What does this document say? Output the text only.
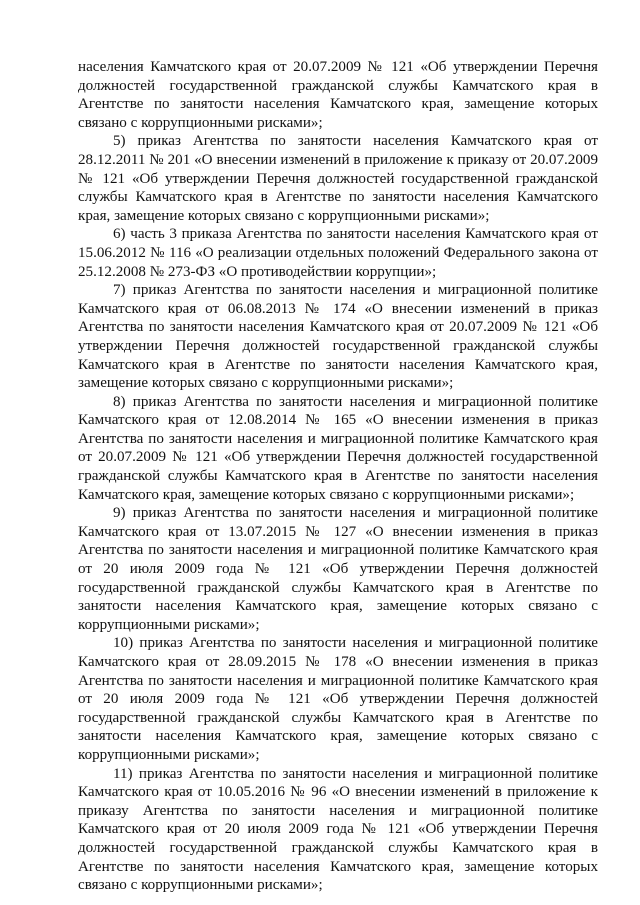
населения Камчатского края от 20.07.2009 № 121 «Об утверждении Перечня должностей государственной гражданской службы Камчатского края в Агентстве по занятости населения Камчатского края, замещение которых связано с коррупционными рисками»;

5) приказ Агентства по занятости населения Камчатского края от 28.12.2011 № 201 «О внесении изменений в приложение к приказу от 20.07.2009 № 121 «Об утверждении Перечня должностей государственной гражданской службы Камчатского края в Агентстве по занятости населения Камчатского края, замещение которых связано с коррупционными рисками»;

6) часть 3 приказа Агентства по занятости населения Камчатского края от 15.06.2012 № 116 «О реализации отдельных положений Федерального закона от 25.12.2008 № 273-ФЗ «О противодействии коррупции»;

7) приказ Агентства по занятости населения и миграционной политике Камчатского края от 06.08.2013 № 174 «О внесении изменений в приказ Агентства по занятости населения Камчатского края от 20.07.2009 № 121 «Об утверждении Перечня должностей государственной гражданской службы Камчатского края в Агентстве по занятости населения Камчатского края, замещение которых связано с коррупционными рисками»;

8) приказ Агентства по занятости населения и миграционной политике Камчатского края от 12.08.2014 № 165 «О внесении изменения в приказ Агентства по занятости населения и миграционной политике Камчатского края от 20.07.2009 № 121 «Об утверждении Перечня должностей государственной гражданской службы Камчатского края в Агентстве по занятости населения Камчатского края, замещение которых связано с коррупционными рисками»;

9) приказ Агентства по занятости населения и миграционной политике Камчатского края от 13.07.2015 № 127 «О внесении изменения в приказ Агентства по занятости населения и миграционной политике Камчатского края от 20 июля 2009 года № 121 «Об утверждении Перечня должностей государственной гражданской службы Камчатского края в Агентстве по занятости населения Камчатского края, замещение которых связано с коррупционными рисками»;

10) приказ Агентства по занятости населения и миграционной политике Камчатского края от 28.09.2015 № 178 «О внесении изменения в приказ Агентства по занятости населения и миграционной политике Камчатского края от 20 июля 2009 года № 121 «Об утверждении Перечня должностей государственной гражданской службы Камчатского края в Агентстве по занятости населения Камчатского края, замещение которых связано с коррупционными рисками»;

11) приказ Агентства по занятости населения и миграционной политике Камчатского края от 10.05.2016 № 96 «О внесении изменений в приложение к приказу Агентства по занятости населения и миграционной политике Камчатского края от 20 июля 2009 года № 121 «Об утверждении Перечня должностей государственной гражданской службы Камчатского края в Агентстве по занятости населения Камчатского края, замещение которых связано с коррупционными рисками»;
